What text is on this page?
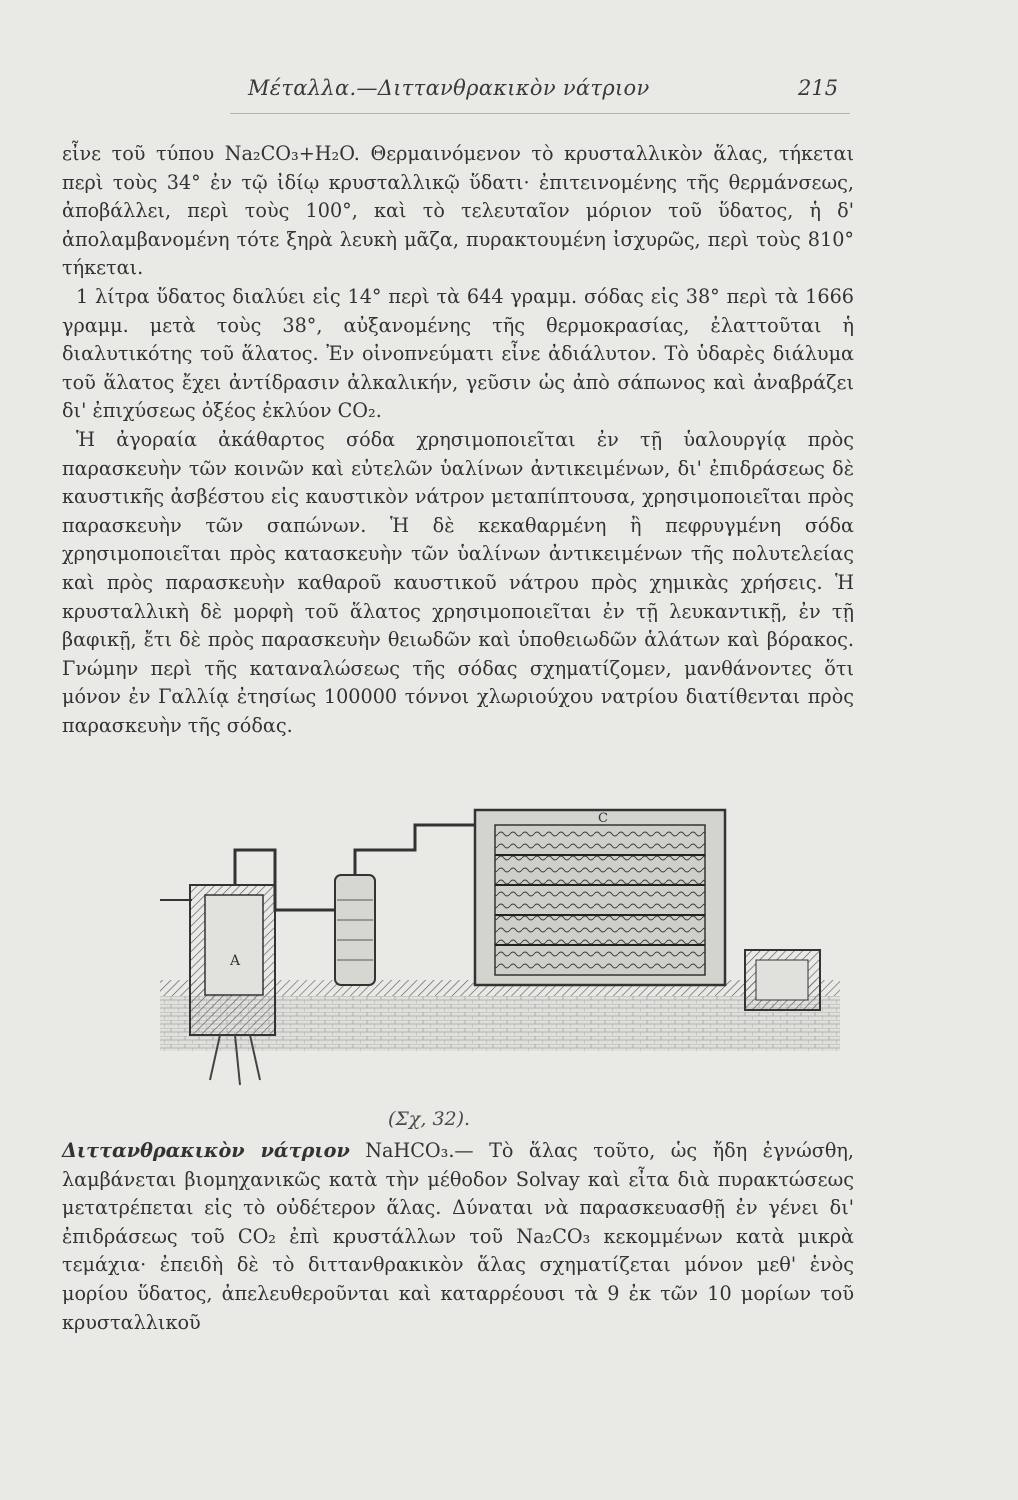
Μέταλλα.—Διττανθρακικὸν νάτριον	215

εἶνε τοῦ τύπου Na₂CO₃+H₂O. Θερμαινόμενον τὸ κρυσταλλικὸν ἅλας, τήκεται περὶ τοὺς 34° ἐν τῷ ἰδίῳ κρυσταλλικῷ ὕδατι· ἐπιτεινομένης τῆς θερμάνσεως, ἀποβάλλει, περὶ τοὺς 100°, καὶ τὸ τελευταῖον μόριον τοῦ ὕδατος, ἡ δ' ἀπολαμβανομένη τότε ξηρὰ λευκὴ μᾶζα, πυρακτουμένη ἰσχυρῶς, περὶ τοὺς 810° τήκεται.

1 λίτρα ὕδατος διαλύει εἰς 14° περὶ τὰ 644 γραμμ. σόδας εἰς 38° περὶ τὰ 1666 γραμμ. μετὰ τοὺς 38°, αὐξανομένης τῆς θερμοκρασίας, ἐλαττοῦται ἡ διαλυτικότης τοῦ ἅλατος. Ἐν οἰνοπνεύματι εἶνε ἀδιάλυτον. Τὸ ὑδαρὲς διάλυμα τοῦ ἅλατος ἔχει ἀντίδρασιν ἀλκαλικήν, γεῦσιν ὡς ἀπὸ σάπωνος καὶ ἀναβράζει δι' ἐπιχύσεως ὀξέος ἐκλύον CO₂.

Ἡ ἀγοραία ἀκάθαρτος σόδα χρησιμοποιεῖται ἐν τῇ ὑαλουργίᾳ πρὸς παρασκευὴν τῶν κοινῶν καὶ εὐτελῶν ὑαλίνων ἀντικειμένων, δι' ἐπιδράσεως δὲ καυστικῆς ἀσβέστου εἰς καυστικὸν νάτρον μεταπίπτουσα, χρησιμοποιεῖται πρὸς παρασκευὴν τῶν σαπώνων. Ἡ δὲ κεκαθαρμένη ἢ πεφρυγμένη σόδα χρησιμοποιεῖται πρὸς κατασκευὴν τῶν ὑαλίνων ἀντικειμένων τῆς πολυτελείας καὶ πρὸς παρασκευὴν καθαροῦ καυστικοῦ νάτρου πρὸς χημικὰς χρήσεις. Ἡ κρυσταλλικὴ δὲ μορφὴ τοῦ ἅλατος χρησιμοποιεῖται ἐν τῇ λευκαντικῇ, ἐν τῇ βαφικῇ, ἔτι δὲ πρὸς παρασκευὴν θειωδῶν καὶ ὑποθειωδῶν ἁλάτων καὶ βόρακος. Γνώμην περὶ τῆς καταναλώσεως τῆς σόδας σχηματίζομεν, μανθάνοντες ὅτι μόνον ἐν Γαλλίᾳ ἐτησίως 100000 τόννοι χλωριούχου νατρίου διατίθενται πρὸς παρασκευὴν τῆς σόδας.

A
C
(Σχ, 32).

Διττανθρακικὸν νάτριον NaHCO₃.— Τὸ ἅλας τοῦτο, ὡς ἤδη ἐγνώσθη, λαμβάνεται βιομηχανικῶς κατὰ τὴν μέθοδον Solvay καὶ εἶτα διὰ πυρακτώσεως μετατρέπεται εἰς τὸ οὐδέτερον ἅλας. Δύναται νὰ παρασκευασθῇ ἐν γένει δι' ἐπιδράσεως τοῦ CO₂ ἐπὶ κρυστάλλων τοῦ Na₂CO₃ κεκομμένων κατὰ μικρὰ τεμάχια· ἐπειδὴ δὲ τὸ διττανθρακικὸν ἅλας σχηματίζεται μόνον μεθ' ἑνὸς μορίου ὕδατος, ἀπελευθεροῦνται καὶ καταρρέουσι τὰ 9 ἐκ τῶν 10 μορίων τοῦ κρυσταλλικοῦ
